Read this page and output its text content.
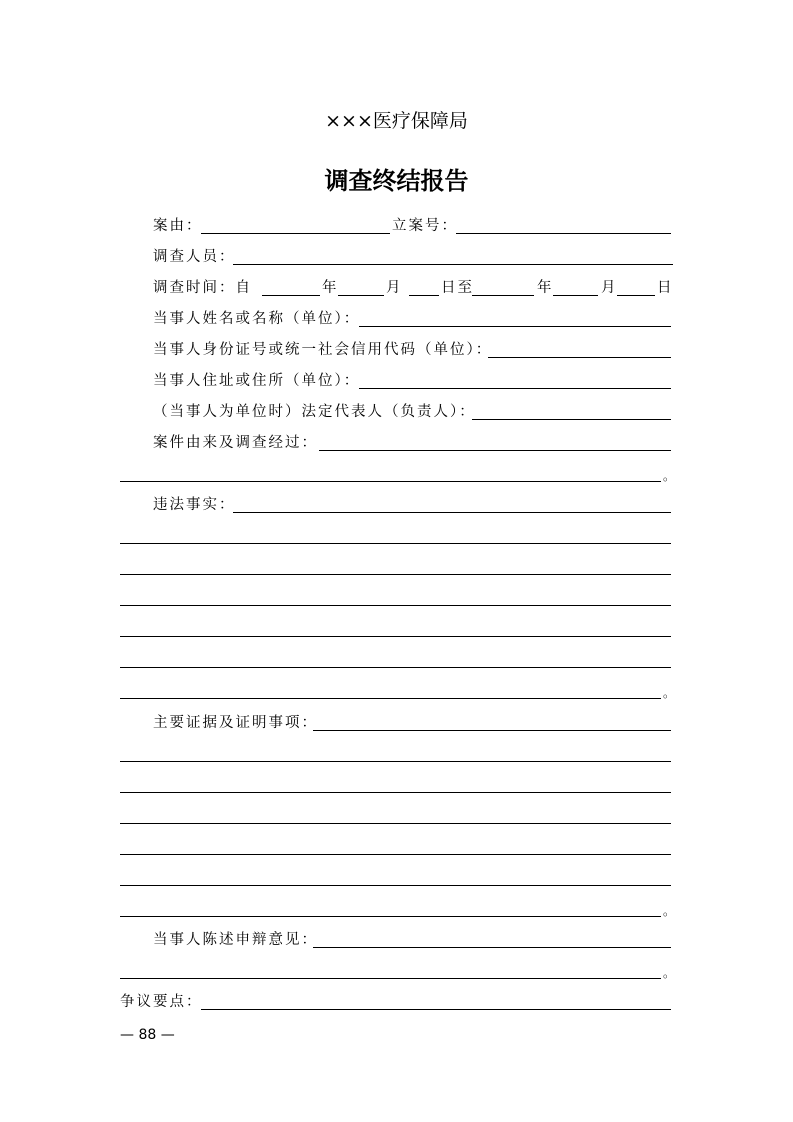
×××医疗保障局
调查终结报告
案由：	立案号：
调查人员：
调查时间：自	年	月	日至	年	月	日
当事人姓名或名称（单位）：
当事人身份证号或统一社会信用代码（单位）：
当事人住址或住所（单位）：
（当事人为单位时）法定代表人（负责人）：
案件由来及调查经过：
。
违法事实：
。
主要证据及证明事项：
。
当事人陈述申辩意见：
。
争议要点：
— 88 —
